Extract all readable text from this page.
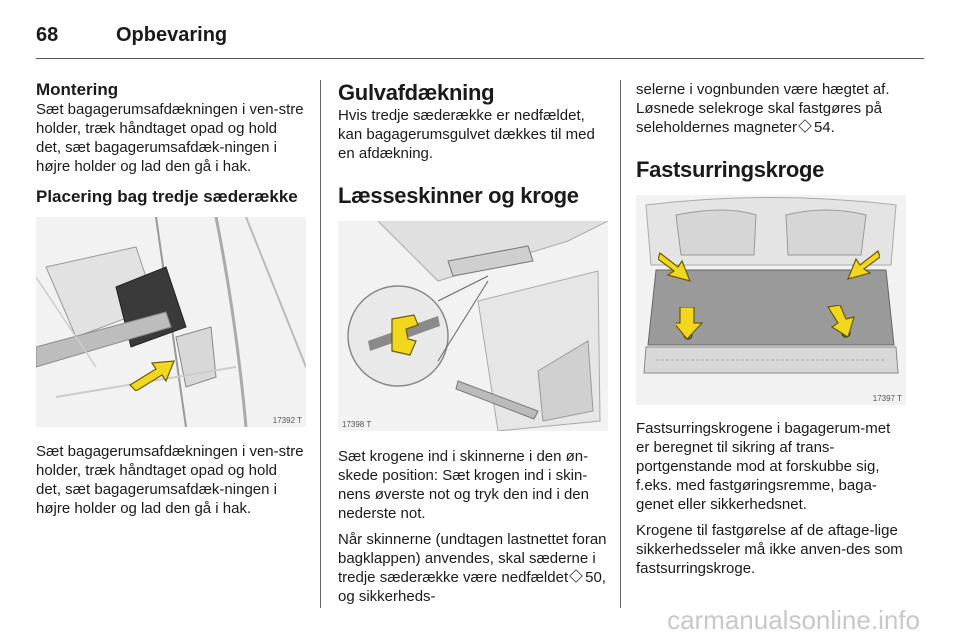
68	Opbevaring
Montering

Sæt bagagerumsafdækningen i ven-stre holder, træk håndtaget opad og hold det, sæt bagagerumsafdæk-ningen i højre holder og lad den gå i hak.

Placering bag tredje sæderække
17392 T

Sæt bagagerumsafdækningen i ven-stre holder, træk håndtaget opad og hold det, sæt bagagerumsafdæk-ningen i højre holder og lad den gå i hak.

Gulvafdækning

Hvis tredje sæderække er nedfældet, kan bagagerumsgulvet dækkes til med en afdækning.

Læsseskinner og kroge
17398 T

Sæt krogene ind i skinnerne i den øn-skede position: Sæt krogen ind i skin-nens øverste not og tryk den ind i den nederste not.

Når skinnerne (undtagen lastnettet foran bagklappen) anvendes, skal sæderne i tredje sæderække være nedfældet 50, og sikkerheds-

selerne i vognbunden være hægtet af. Løsnede selekroge skal fastgøres på seleholdernes magneter 54.

Fastsurringskroge
17397 T

Fastsurringskrogene i bagagerum-met er beregnet til sikring af trans-portgenstande mod at forskubbe sig, f.eks. med fastgøringsremme, baga-genet eller sikkerhedsnet.

Krogene til fastgørelse af de aftage-lige sikkerhedsseler må ikke anven-des som fastsurringskroge.

carmanualsonline.info
